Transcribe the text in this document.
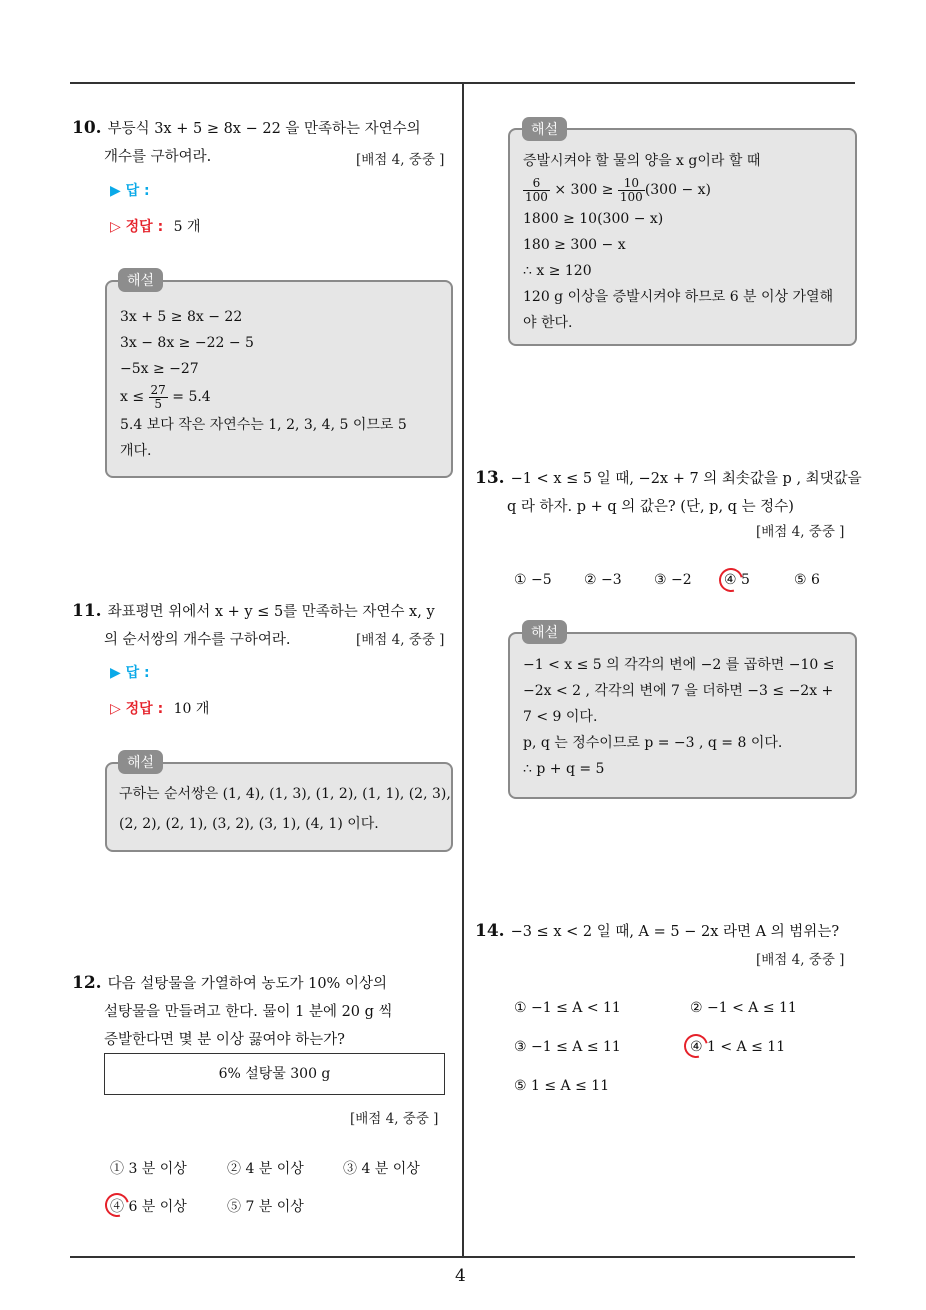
4
10. 부등식 3x + 5 ≥ 8x − 22 을 만족하는 자연수의
개수를 구하여라.	[배점 4, 중중 ]
▶ 답 :
▷ 정답 : 5 개
3x + 5 ≥ 8x − 22
3x − 8x ≥ −22 − 5
−5x ≥ −27
$x \le \frac{27}{5} = 5.4$
5.4 보다 작은 자연수는 1, 2, 3, 4, 5 이므로 5
개다.
해설
11. 좌표평면 위에서 x + y ≤ 5를 만족하는 자연수 x, y
의 순서쌍의 개수를 구하여라.	[배점 4, 중중 ]
▶ 답 :
▷ 정답 : 10 개
구하는 순서쌍은 (1, 4), (1, 3), (1, 2), (1, 1), (2, 3),
(2, 2), (2, 1), (3, 2), (3, 1), (4, 1) 이다.
해설
12. 다음 설탕물을 가열하여 농도가 10% 이상의
설탕물을 만들려고 한다. 물이 1 분에 20 g 씩
증발한다면 몇 분 이상 끓여야 하는가?
6% 설탕물 300 g
[배점 4, 중중 ]
① 3 분 이상	② 4 분 이상	③ 4 분 이상
④ 6 분 이상	⑤ 7 분 이상
증발시켜야 할 물의 양을 x g이라 할 때
$\frac{6}{100} \times 300 \ge \frac{10}{100} (300 - x)$
1800 ≥ 10(300 − x)
180 ≥ 300 − x
∴ x ≥ 120
120 g 이상을 증발시켜야 하므로 6 분 이상 가열해
야 한다.
해설
13. −1 < x ≤ 5 일 때, −2x + 7 의 최솟값을 p , 최댓값을
q 라 하자. p + q 의 값은? (단, p, q 는 정수)
[배점 4, 중중 ]
① −5 ② −3 ③ −2 ④ 5	⑤ 6
−1 < x ≤ 5 의 각각의 변에 −2 를 곱하면 −10 ≤
−2x < 2 , 각각의 변에 7 을 더하면 −3 ≤ −2x +
7 < 9 이다.
p, q 는 정수이므로 p = −3 , q = 8 이다.
∴ p + q = 5
해설
14. −3 ≤ x < 2 일 때, A = 5 − 2x 라면 A 의 범위는?
[배점 4, 중중 ]
① −1 ≤ A < 11	② −1 < A ≤ 11
③ −1 ≤ A ≤ 11	④ 1 < A ≤ 11
⑤ 1 ≤ A ≤ 11
